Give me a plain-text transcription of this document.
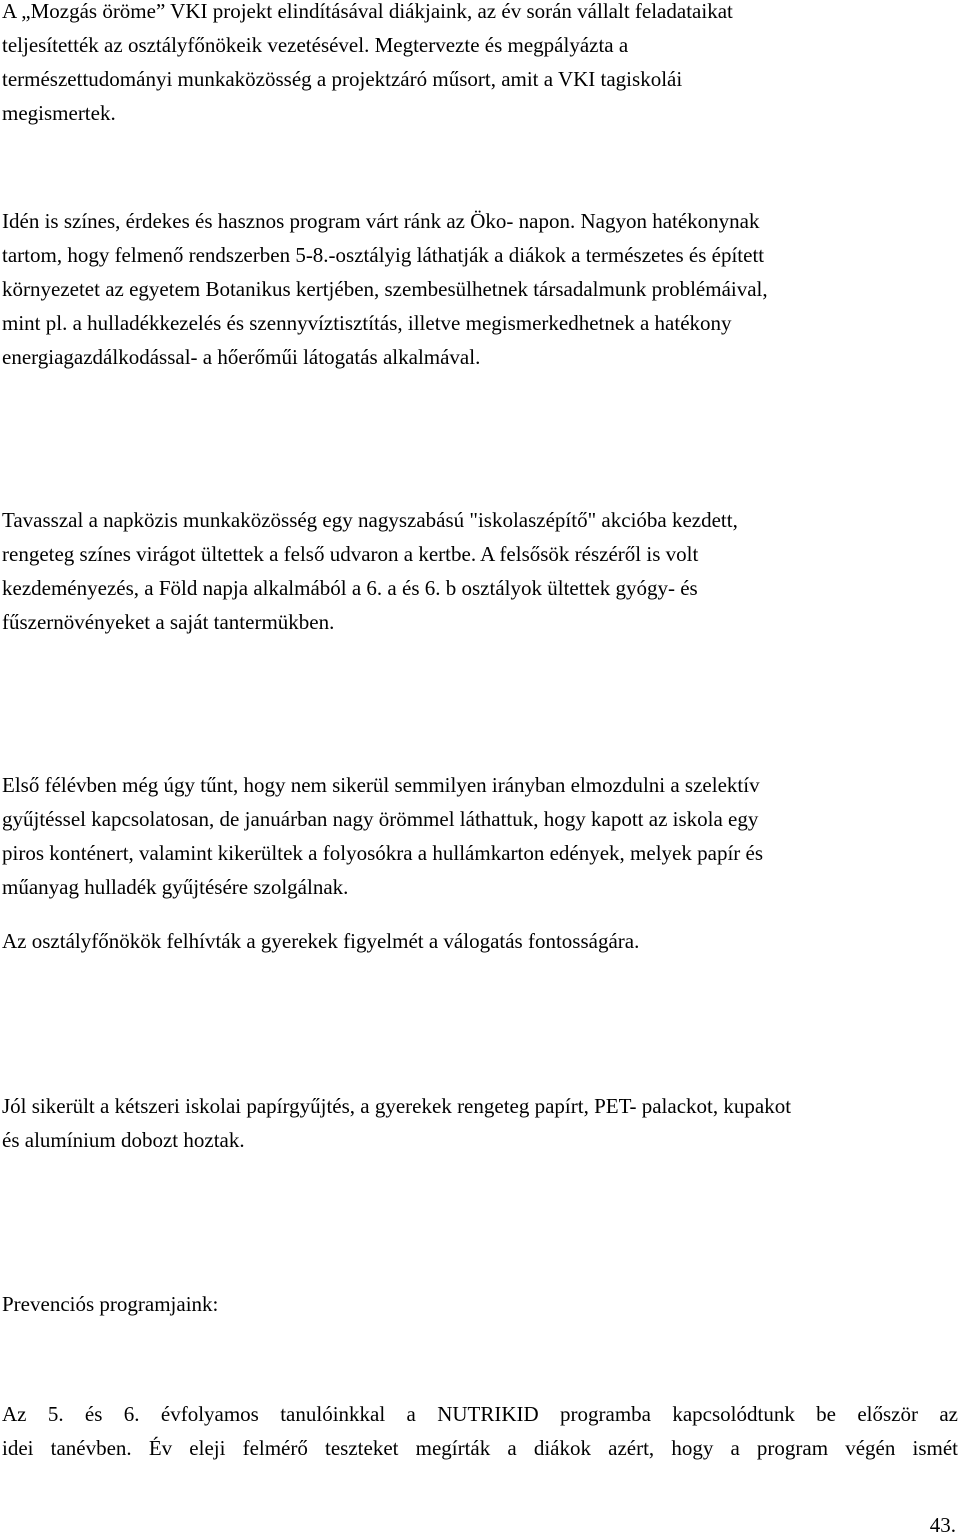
A „Mozgás öröme” VKI projekt elindításával diákjaink, az év során vállalt feladataikat
teljesítették az osztályfőnökeik vezetésével. Megtervezte és megpályázta a
természettudományi munkaközösség a projektzáró műsort, amit a VKI tagiskolái
megismertek.

Idén is színes, érdekes és hasznos program várt ránk az Öko- napon. Nagyon hatékonynak
tartom, hogy felmenő rendszerben 5-8.-osztályig láthatják a diákok a természetes és épített
környezetet az egyetem Botanikus kertjében, szembesülhetnek társadalmunk problémáival,
mint pl. a hulladékkezelés és szennyvíztisztítás, illetve megismerkedhetnek a hatékony
energiagazdálkodással- a hőerőműi látogatás alkalmával.

Tavasszal a napközis munkaközösség egy nagyszabású "iskolaszépítő" akcióba kezdett,
rengeteg színes virágot ültettek a felső udvaron a kertbe. A felsősök részéről is volt
kezdeményezés, a Föld napja alkalmából a 6. a és 6. b osztályok ültettek gyógy- és
fűszernövényeket a saját tantermükben.

Első félévben még úgy tűnt, hogy nem sikerül semmilyen irányban elmozdulni a szelektív
gyűjtéssel kapcsolatosan, de januárban nagy örömmel láthattuk, hogy kapott az iskola egy
piros konténert, valamint kikerültek a folyosókra a hullámkarton edények, melyek papír és
műanyag hulladék gyűjtésére szolgálnak.

Az osztályfőnökök felhívták a gyerekek figyelmét a válogatás fontosságára.

Jól sikerült a kétszeri iskolai papírgyűjtés, a gyerekek rengeteg papírt, PET- palackot, kupakot
és alumínium dobozt hoztak.

Prevenciós programjaink:

Az 5. és 6. évfolyamos tanulóinkkal a NUTRIKID programba kapcsolódtunk be először az
idei tanévben. Év eleji felmérő teszteket megírták a diákok azért, hogy a program végén ismét

43.
